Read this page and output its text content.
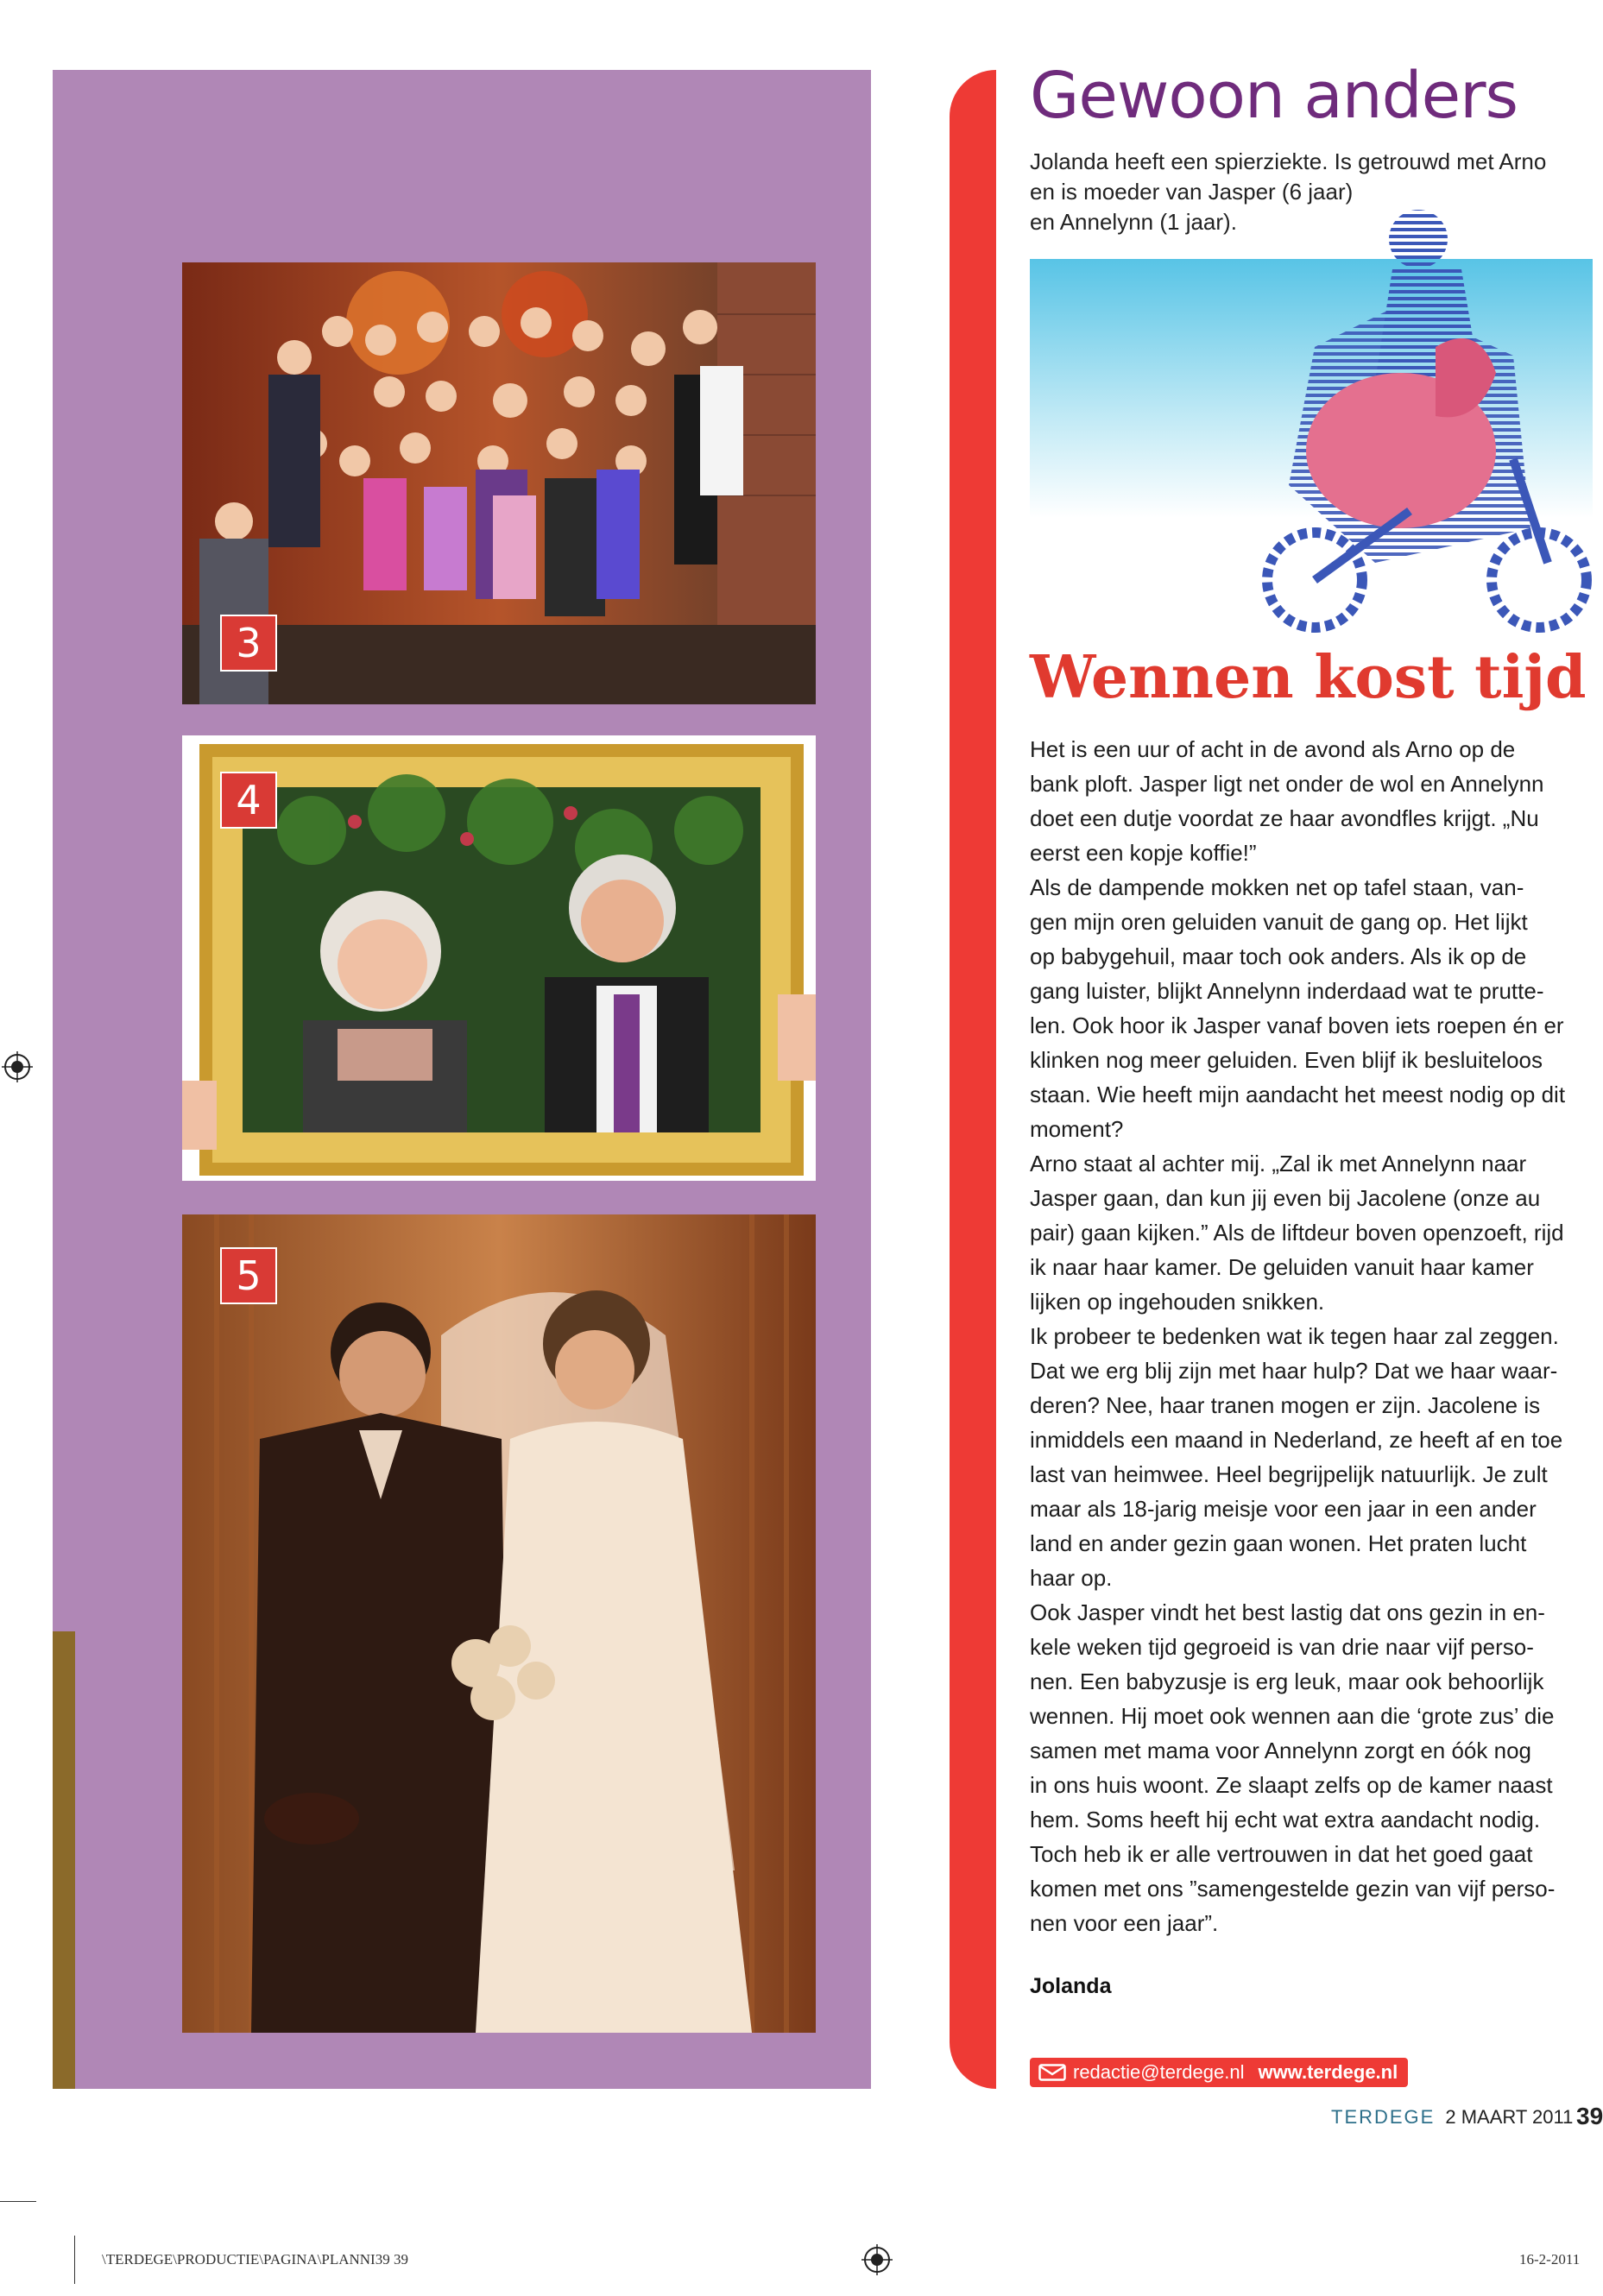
3
4
5
Gewoon anders
Jolanda heeft een spierziekte. Is getrouwd met Arno
en is moeder van Jasper (6 jaar)
en Annelynn (1 jaar).
Wennen kost tijd

Het is een uur of acht in de avond als Arno op de

bank ploft. Jasper ligt net onder de wol en Annelynn

doet een dutje voordat ze haar avondfles krijgt. „Nu

eerst een kopje koffie!”

Als de dampende mokken net op tafel staan, van-

gen mijn oren geluiden vanuit de gang op. Het lijkt

op babygehuil, maar toch ook anders. Als ik op de

gang luister, blijkt Annelynn inderdaad wat te prutte-

len. Ook hoor ik Jasper vanaf boven iets roepen én er

klinken nog meer geluiden. Even blijf ik besluiteloos

staan. Wie heeft mijn aandacht het meest nodig op dit

moment?

Arno staat al achter mij. „Zal ik met Annelynn naar

Jasper gaan, dan kun jij even bij Jacolene (onze au

pair) gaan kijken.” Als de liftdeur boven openzoeft, rijd

ik naar haar kamer. De geluiden vanuit haar kamer

lijken op ingehouden snikken.

Ik probeer te bedenken wat ik tegen haar zal zeggen.

Dat we erg blij zijn met haar hulp? Dat we haar waar-

deren? Nee, haar tranen mogen er zijn. Jacolene is

inmiddels een maand in Nederland, ze heeft af en toe

last van heimwee. Heel begrijpelijk natuurlijk. Je zult

maar als 18-jarig meisje voor een jaar in een ander

land en ander gezin gaan wonen. Het praten lucht

haar op.

Ook Jasper vindt het best lastig dat ons gezin in en-

kele weken tijd gegroeid is van drie naar vijf perso-

nen. Een babyzusje is erg leuk, maar ook behoorlijk

wennen. Hij moet ook wennen aan die ‘grote zus’ die

samen met mama voor Annelynn zorgt en óók nog

in ons huis woont. Ze slaapt zelfs op de kamer naast

hem. Soms heeft hij echt wat extra aandacht nodig.

Toch heb ik er alle vertrouwen in dat het goed gaat

komen met ons ”samengestelde gezin van vijf perso-

nen voor een jaar”.

Jolanda
redactie@terdege.nl www.terdege.nl
TERDEGE 2 MAART 2011 39
\TERDEGE\PRODUCTIE\PAGINA\PLANNI39 39	16-2-2011
